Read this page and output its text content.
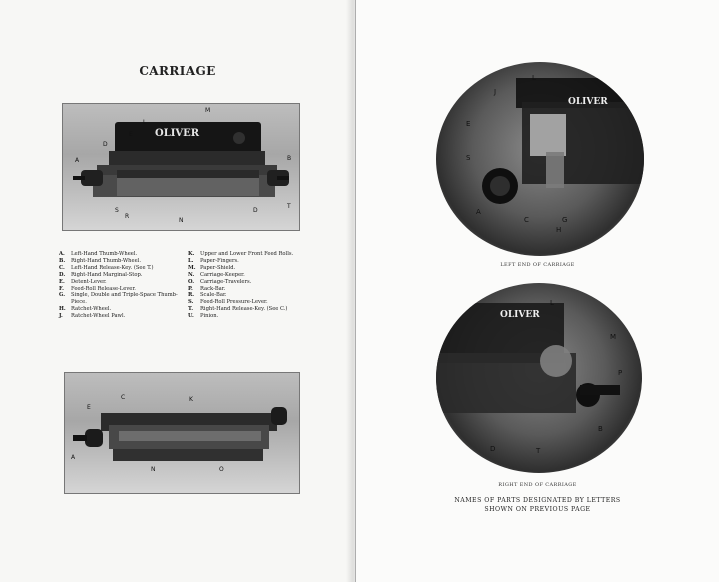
CARRIAGE
OLIVER
L
E
D
A
M
S
R
N
D
T
B
A.	Left-Hand Thumb-Wheel.
B.	Right-Hand Thumb-Wheel.
C.	Left-Hand Release-Key. (See T.)
D.	Right-Hand Marginal-Stop.
E.	Detent-Lever.
F.	Feed-Roll Release-Lever.
G.	Single, Double and Triple-Space Thumb-Piece.
H.	Ratchet-Wheel.
J.	Ratchet-Wheel Pawl.
K.	Upper and Lower Front Feed Rolls.
L.	Paper-Fingers.
M. Paper-Shield.
N.	Carriage-Keeper.
O.	Carriage-Travelers.
P.	Rack-Bar.
R.	Scale-Bar.
S.	Feed-Roll Pressure-Lever.
T.	Right-Hand Release-Key. (See C.)
U.	Pinion.
K
E
C
A
N	O
OLIVER
J
L
E
S
A
C	G
H
LEFT END OF CARRIAGE
OLIVER
L
M
P
B
T
D
RIGHT END OF CARRIAGE
NAMES OF PARTS DESIGNATED BY LETTERS
SHOWN ON PREVIOUS PAGE
